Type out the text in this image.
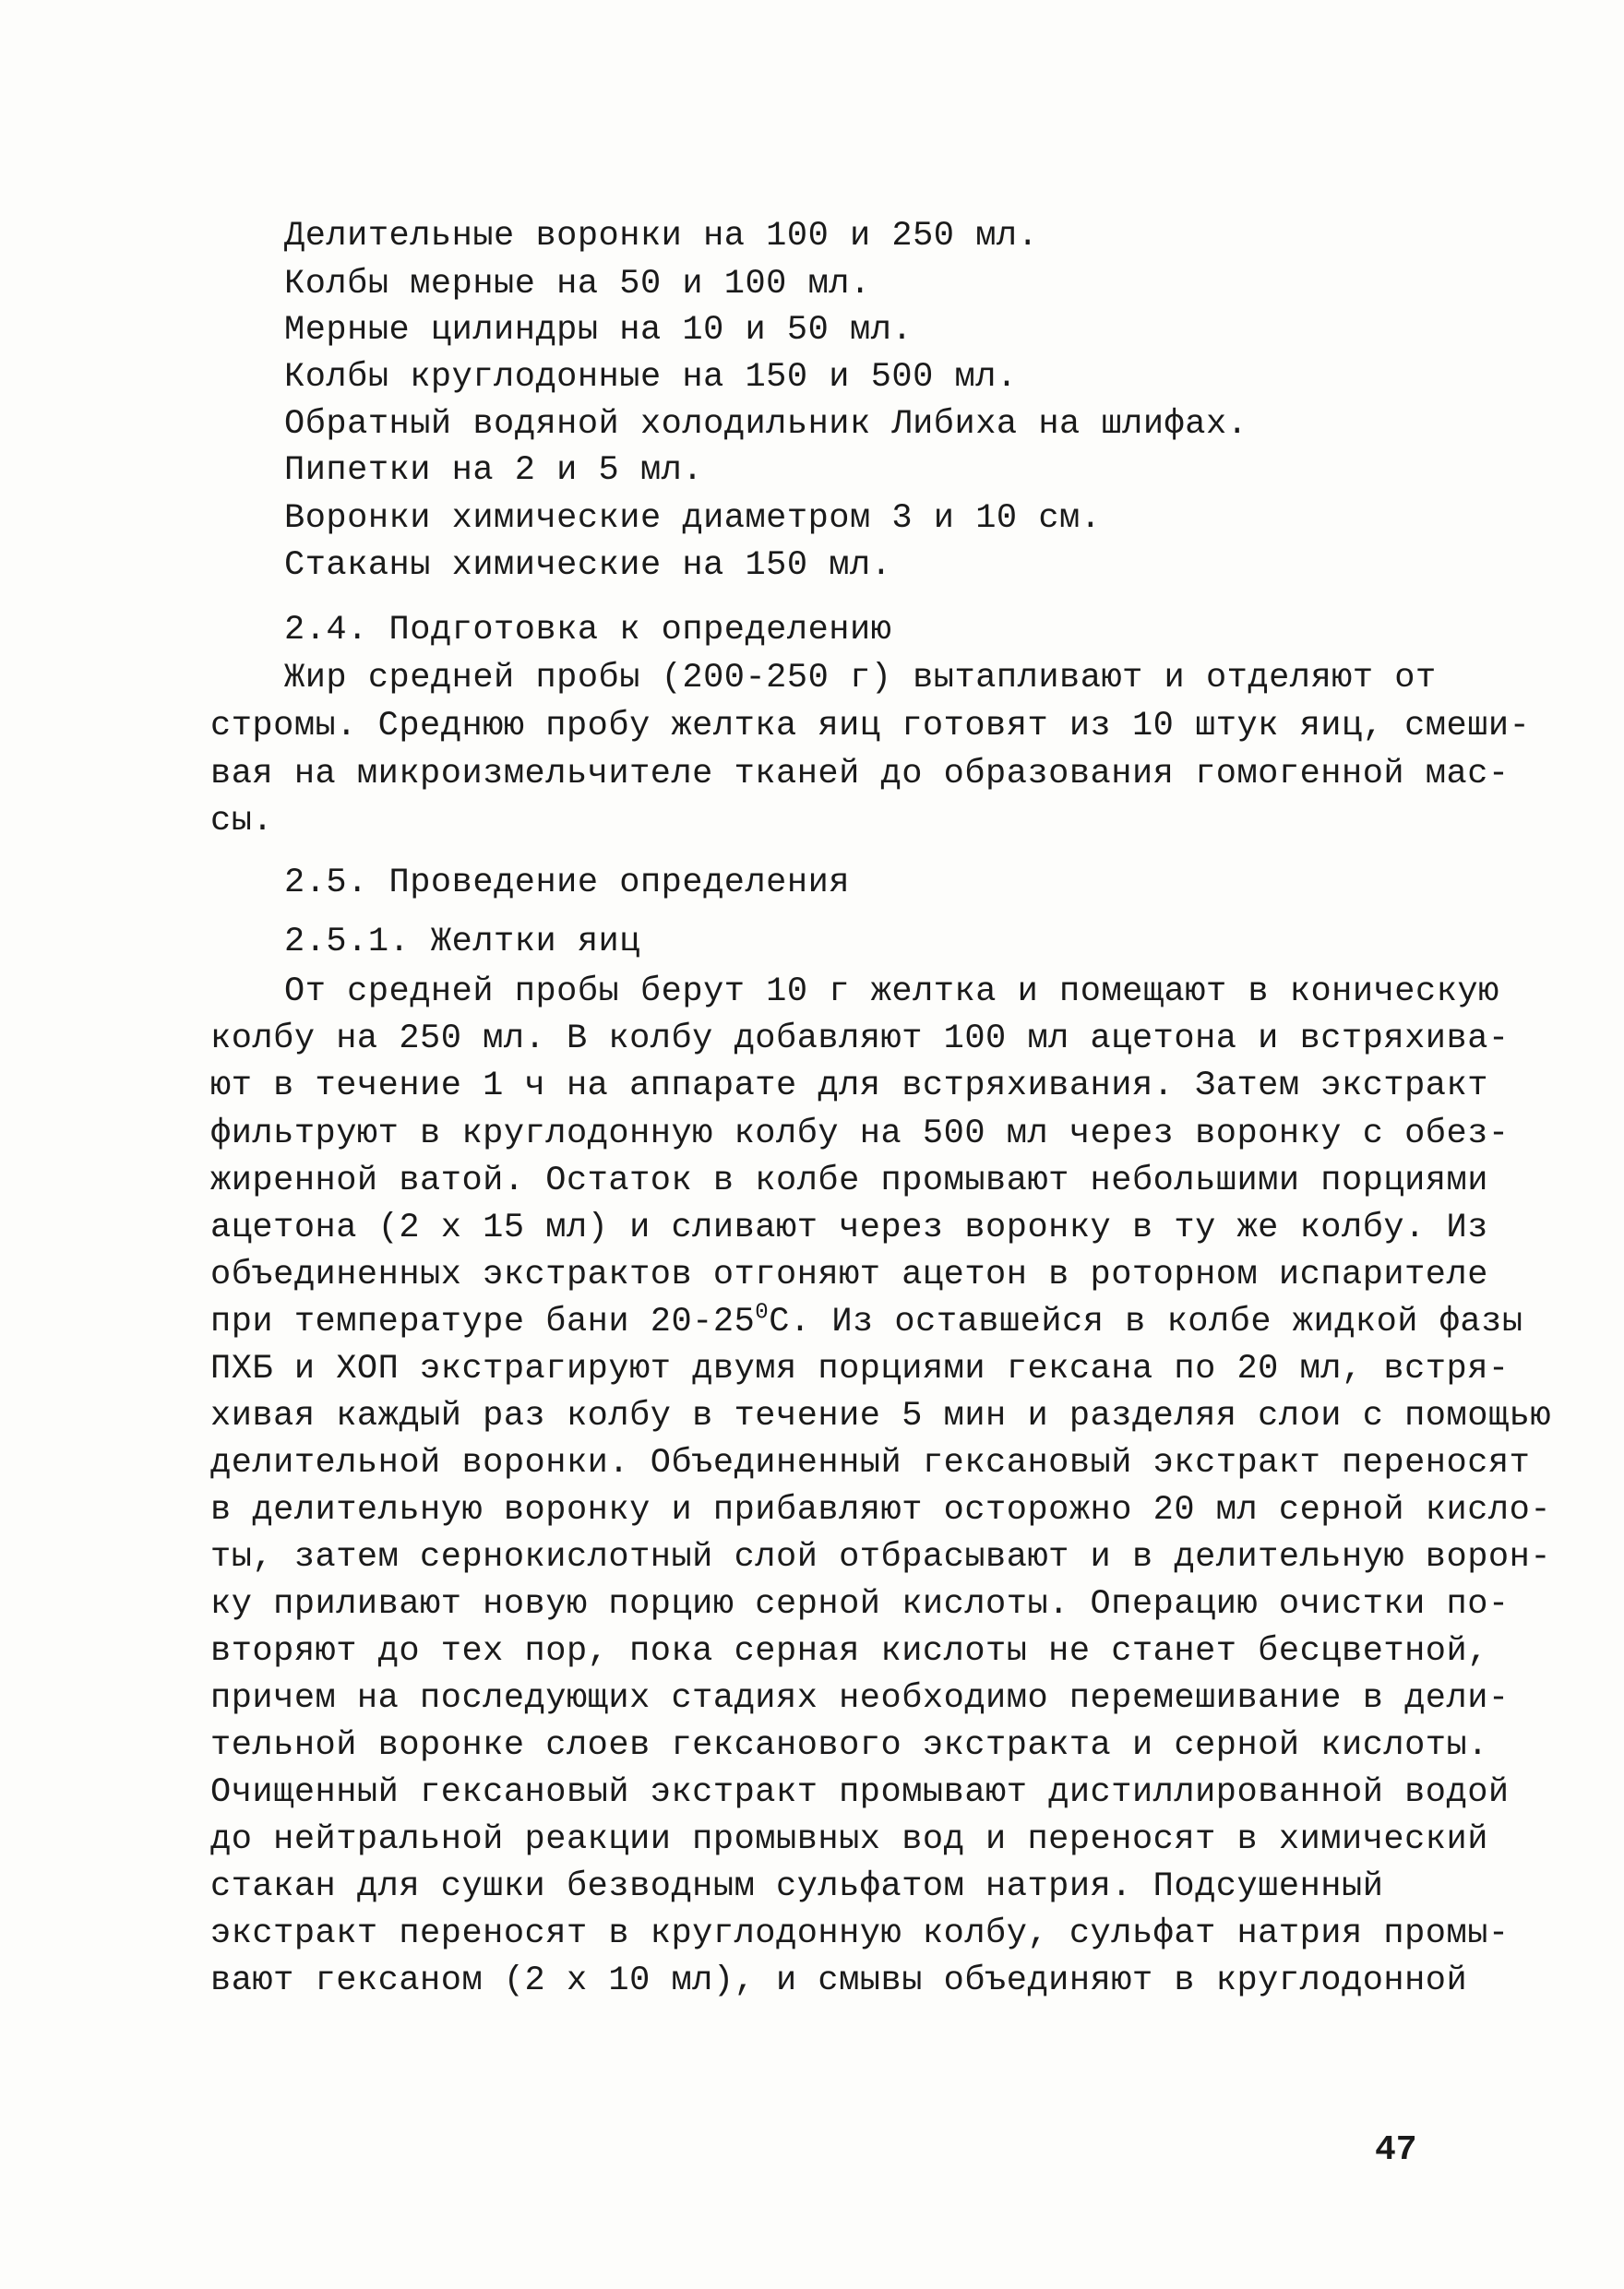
Делительные воронки на 100 и 250 мл.
Колбы мерные на 50 и 100 мл.
Мерные цилиндры на 10 и 50 мл.
Колбы круглодонные на 150 и 500 мл.
Обратный водяной холодильник Либиха на шлифах.
Пипетки на 2 и 5 мл.
Воронки химические диаметром 3 и 10 см.
Стаканы химические на 150 мл.
2.4. Подготовка к определению
Жир средней пробы (200-250 г) вытапливают и отделяют от
стромы. Среднюю пробу желтка яиц готовят из 10 штук яиц, смеши-
вая на микроизмельчителе тканей до образования гомогенной мас-
сы.
2.5. Проведение определения
2.5.1. Желтки яиц
От средней пробы берут 10 г желтка и помещают в коническую
колбу на 250 мл. В колбу добавляют 100 мл ацетона и встряхива-
ют в течение 1 ч на аппарате для встряхивания. Затем экстракт
фильтруют в круглодонную колбу на 500 мл через воронку с обез-
жиренной ватой. Остаток в колбе промывают небольшими порциями
ацетона (2 х 15 мл) и сливают через воронку в ту же колбу. Из
объединенных экстрактов отгоняют ацетон в роторном испарителе
при температуре бани $20-25^0С$. Из оставшейся в колбе жидкой фазы
ПХБ и ХОП экстрагируют двумя порциями гексана по 20 мл, встря-
хивая каждый раз колбу в течение 5 мин и разделяя слои с помощью
делительной воронки. Объединенный гексановый экстракт переносят
в делительную воронку и прибавляют осторожно 20 мл серной кисло-
ты, затем сернокислотный слой отбрасывают и в делительную ворон-
ку приливают новую порцию серной кислоты. Операцию очистки по-
вторяют до тех пор, пока серная кислоты не станет бесцветной,
причем на последующих стадиях необходимо перемешивание в дели-
тельной воронке слоев гексанового экстракта и серной кислоты.
Очищенный гексановый экстракт промывают дистиллированной водой
до нейтральной реакции промывных вод и переносят в химический
стакан для сушки безводным сульфатом натрия. Подсушенный
экстракт переносят в круглодонную колбу, сульфат натрия промы-
вают гексаном (2 х 10 мл), и смывы объединяют в круглодонной
47
